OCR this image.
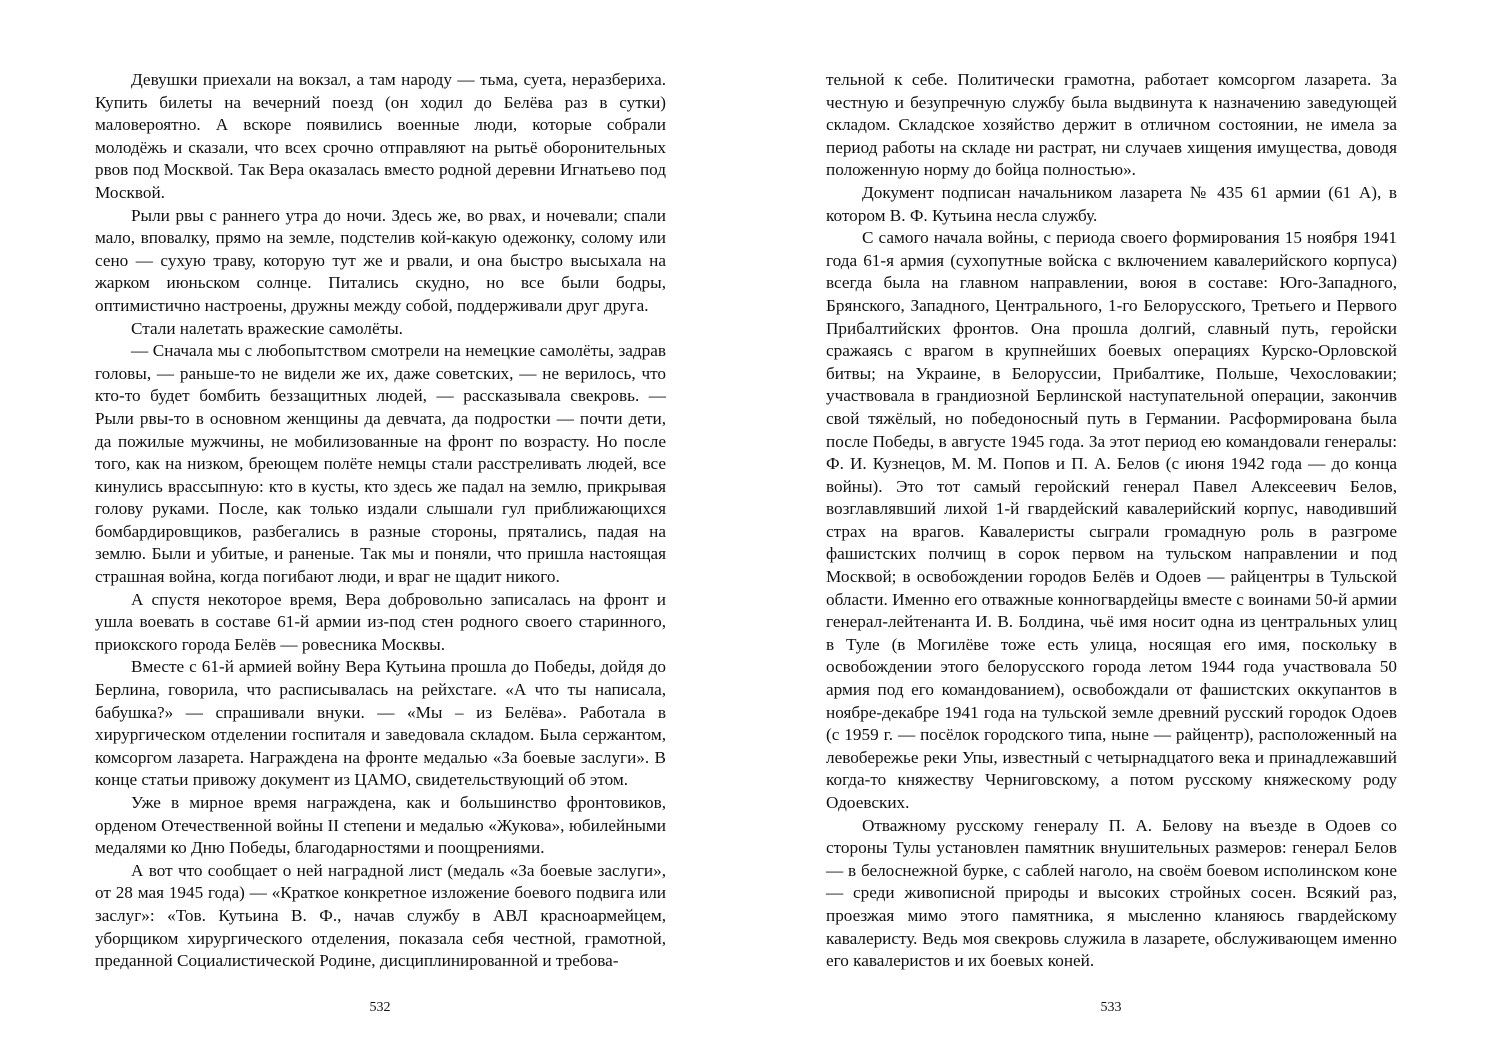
Девушки приехали на вокзал, а там народу — тьма, суета, неразбериха. Купить билеты на вечерний поезд (он ходил до Белёва раз в сутки) маловероятно. А вскоре появились военные люди, которые собрали молодёжь и сказали, что всех срочно отправляют на рытьё оборонительных рвов под Москвой. Так Вера оказалась вместо родной деревни Игнатьево под Москвой.

Рыли рвы с раннего утра до ночи. Здесь же, во рвах, и ночевали; спали мало, вповалку, прямо на земле, подстелив кой-какую одежонку, солому или сено — сухую траву, которую тут же и рвали, и она быстро высыхала на жарком июньском солнце. Питались скудно, но все были бодры, оптимистично настроены, дружны между собой, поддерживали друг друга.

Стали налетать вражеские самолёты.

— Сначала мы с любопытством смотрели на немецкие самолёты, задрав головы, — раньше-то не видели же их, даже советских, — не верилось, что кто-то будет бомбить беззащитных людей, — рассказывала свекровь. — Рыли рвы-то в основном женщины да девчата, да подростки — почти дети, да пожилые мужчины, не мобилизованные на фронт по возрасту. Но после того, как на низком, бреющем полёте немцы стали расстреливать людей, все кинулись врассыпную: кто в кусты, кто здесь же падал на землю, прикрывая голову руками. После, как только издали слышали гул приближающихся бомбардировщиков, разбегались в разные стороны, прятались, падая на землю. Были и убитые, и раненые. Так мы и поняли, что пришла настоящая страшная война, когда погибают люди, и враг не щадит никого.

А спустя некоторое время, Вера добровольно записалась на фронт и ушла воевать в составе 61-й армии из-под стен родного своего старинного, приокского города Белёв — ровесника Москвы.

Вместе с 61-й армией войну Вера Кутьина прошла до Победы, дойдя до Берлина, говорила, что расписывалась на рейхстаге. «А что ты написала, бабушка?» — спрашивали внуки. — «Мы – из Белёва». Работала в хирургическом отделении госпиталя и заведовала складом. Была сержантом, комсоргом лазарета. Награждена на фронте медалью «За боевые заслуги». В конце статьи привожу документ из ЦАМО, свидетельствующий об этом.

Уже в мирное время награждена, как и большинство фронтовиков, орденом Отечественной войны II степени и медалью «Жукова», юбилейными медалями ко Дню Победы, благодарностями и поощрениями.

А вот что сообщает о ней наградной лист (медаль «За боевые заслуги», от 28 мая 1945 года) — «Краткое конкретное изложение боевого подвига или заслуг»: «Тов. Кутьина В. Ф., начав службу в АВЛ красноармейцем, уборщиком хирургического отделения, показала себя честной, грамотной, преданной Социалистической Родине, дисциплинированной и требова-

532

тельной к себе. Политически грамотна, работает комсоргом лазарета. За честную и безупречную службу была выдвинута к назначению заведующей складом. Складское хозяйство держит в отличном состоянии, не имела за период работы на складе ни растрат, ни случаев хищения имущества, доводя положенную норму до бойца полностью».

Документ подписан начальником лазарета № 435 61 армии (61 А), в котором В. Ф. Кутьина несла службу.

С самого начала войны, с периода своего формирования 15 ноября 1941 года 61-я армия (сухопутные войска с включением кавалерийского корпуса) всегда была на главном направлении, воюя в составе: Юго-Западного, Брянского, Западного, Центрального, 1-го Белорусского, Третьего и Первого Прибалтийских фронтов. Она прошла долгий, славный путь, геройски сражаясь с врагом в крупнейших боевых операциях Курско-Орловской битвы; на Украине, в Белоруссии, Прибалтике, Польше, Чехословакии; участвовала в грандиозной Берлинской наступательной операции, закончив свой тяжёлый, но победоносный путь в Германии. Расформирована была после Победы, в августе 1945 года. За этот период ею командовали генералы: Ф. И. Кузнецов, М. М. Попов и П. А. Белов (с июня 1942 года — до конца войны). Это тот самый геройский генерал Павел Алексеевич Белов, возглавлявший лихой 1-й гвардейский кавалерийский корпус, наводивший страх на врагов. Кавалеристы сыграли громадную роль в разгроме фашистских полчищ в сорок первом на тульском направлении и под Москвой; в освобождении городов Белёв и Одоев — райцентры в Тульской области. Именно его отважные конногвардейцы вместе с воинами 50-й армии генерал-лейтенанта И. В. Болдина, чьё имя носит одна из центральных улиц в Туле (в Могилёве тоже есть улица, носящая его имя, поскольку в освобождении этого белорусского города летом 1944 года участвовала 50 армия под его командованием), освобождали от фашистских оккупантов в ноябре-декабре 1941 года на тульской земле древний русский городок Одоев (с 1959 г. — посёлок городского типа, ныне — райцентр), расположенный на левобережье реки Упы, известный с четырнадцатого века и принадлежавший когда-то княжеству Черниговскому, а потом русскому княжескому роду Одоевских.

Отважному русскому генералу П. А. Белову на въезде в Одоев со стороны Тулы установлен памятник внушительных размеров: генерал Белов — в белоснежной бурке, с саблей наголо, на своём боевом исполинском коне — среди живописной природы и высоких стройных сосен. Всякий раз, проезжая мимо этого памятника, я мысленно кланяюсь гвардейскому кавалеристу. Ведь моя свекровь служила в лазарете, обслуживающем именно его кавалеристов и их боевых коней.

533
